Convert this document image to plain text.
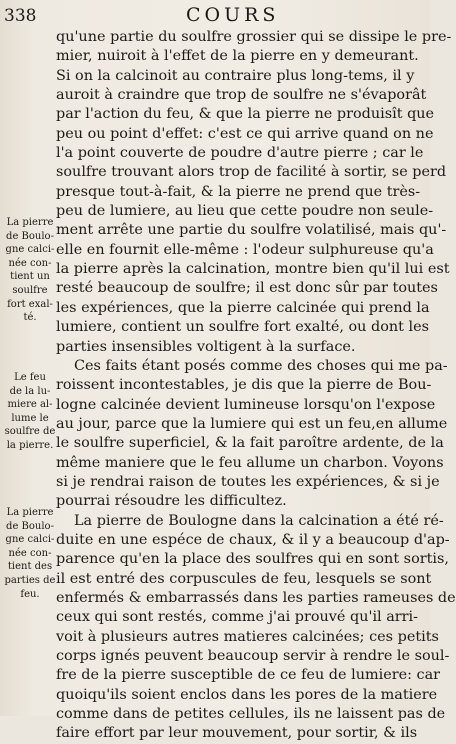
338	COURS
qu'une partie du soulfre grossier qui se dissipe le pre-
mier, nuiroit à l'effet de la pierre en y demeurant.
Si on la calcinoit au contraire plus long-tems, il y
auroit à craindre que trop de soulfre ne s'évaporât
par l'action du feu, & que la pierre ne produisît que
peu ou point d'effet: c'est ce qui arrive quand on ne
l'a point couverte de poudre d'autre pierre ; car le
soulfre trouvant alors trop de facilité à sortir, se perd
presque tout-à-fait, & la pierre ne prend que très-
peu de lumiere, au lieu que cette poudre non seule-
ment arrête une partie du soulfre volatilisé, mais qu'-
elle en fournit elle-même : l'odeur sulphureuse qu'a
la pierre après la calcination, montre bien qu'il lui est
resté beaucoup de soulfre; il est donc sûr par toutes
les expériences, que la pierre calcinée qui prend la
lumiere, contient un soulfre fort exalté, ou dont les
parties insensibles voltigent à la surface.
Ces faits étant posés comme des choses qui me pa-
roissent incontestables, je dis que la pierre de Bou-
logne calcinée devient lumineuse lorsqu'on l'expose
au jour, parce que la lumiere qui est un feu,en allume
le soulfre superficiel, & la fait paroître ardente, de la
même maniere que le feu allume un charbon. Voyons
si je rendrai raison de toutes les expériences, & si je
pourrai résoudre les difficultez.
La pierre de Boulogne dans la calcination a été ré-
duite en une espéce de chaux, & il y a beaucoup d'ap-
parence qu'en la place des soulfres qui en sont sortis,
il est entré des corpuscules de feu, lesquels se sont
enfermés & embarrassés dans les parties rameuses de
ceux qui sont restés, comme j'ai prouvé qu'il arri-
voit à plusieurs autres matieres calcinées; ces petits
corps ignés peuvent beaucoup servir à rendre le soul-
fre de la pierre susceptible de ce feu de lumiere: car
quoiqu'ils soient enclos dans les pores de la matiere
comme dans de petites cellules, ils ne laissent pas de
faire effort par leur mouvement, pour sortir, & ils
La pierre
de Boulo-
gne calci-
née con-
tient un
soulfre
fort exal-
té.
Le feu
de la lu-
miere al-
lume le
soulfre de
la pierre.
La pierre
de Boulo-
gne calci-
née con-
tient des
parties de
feu.
